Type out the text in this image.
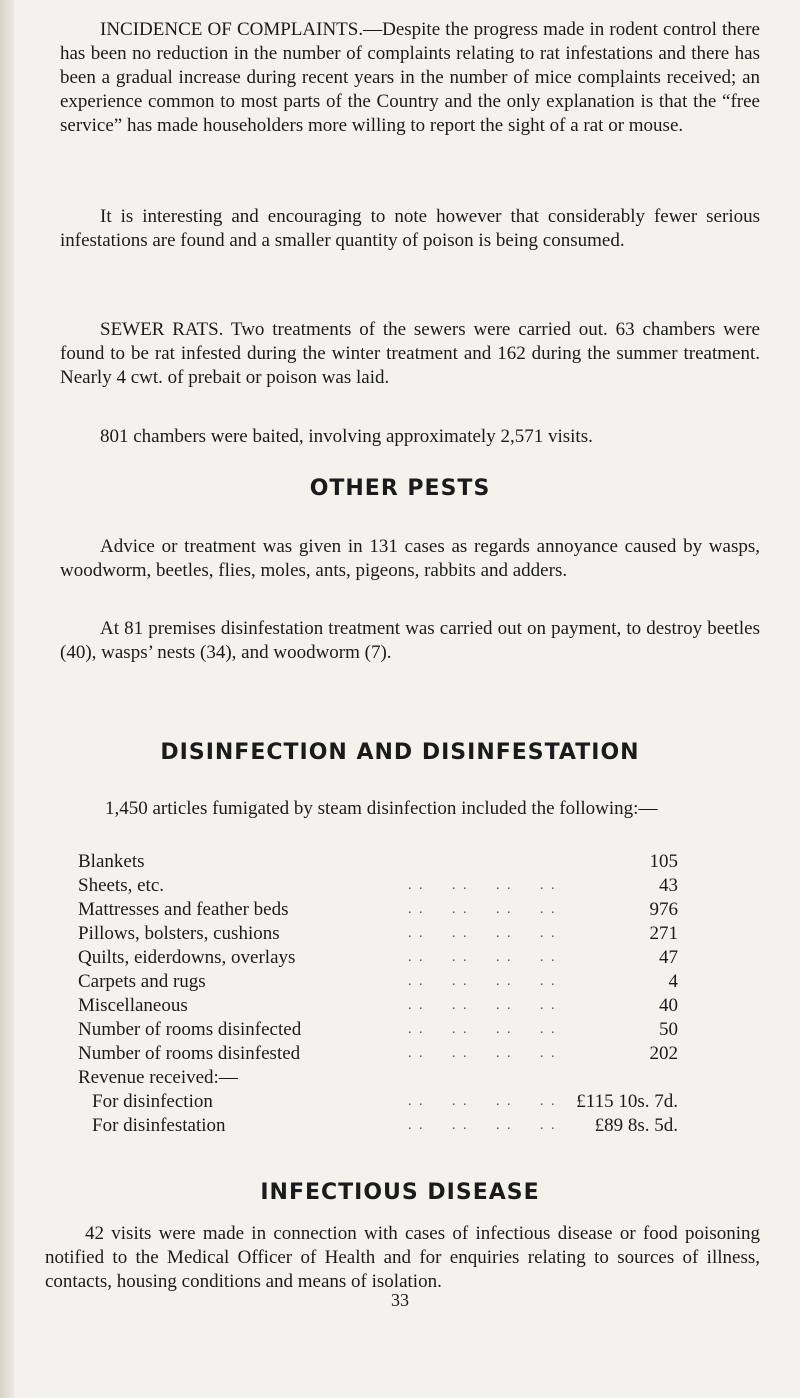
INCIDENCE OF COMPLAINTS.—Despite the progress made in rodent control there has been no reduction in the number of complaints relating to rat infestations and there has been a gradual increase during recent years in the number of mice complaints received; an experience common to most parts of the Country and the only explanation is that the “free service” has made householders more willing to report the sight of a rat or mouse.

It is interesting and encouraging to note however that considerably fewer serious infestations are found and a smaller quantity of poison is being consumed.

SEWER RATS. Two treatments of the sewers were carried out. 63 chambers were found to be rat infested during the winter treatment and 162 during the summer treatment. Nearly 4 cwt. of prebait or poison was laid.

801 chambers were baited, involving approximately 2,571 visits.

OTHER PESTS

Advice or treatment was given in 131 cases as regards annoyance caused by wasps, woodworm, beetles, flies, moles, ants, pigeons, rabbits and adders.

At 81 premises disinfestation treatment was carried out on payment, to destroy beetles (40), wasps’ nests (34), and woodworm (7).

DISINFECTION AND DISINFESTATION

1,450 articles fumigated by steam disinfection included the following:—

Blankets	105
Sheets, etc.	. .     . .     . .     . .	43
Mattresses and feather beds	. .     . .     . .     . .	976
Pillows, bolsters, cushions	. .     . .     . .     . .	271
Quilts, eiderdowns, overlays	. .     . .     . .     . .	47
Carpets and rugs	. .     . .     . .     . .	4
Miscellaneous	. .     . .     . .     . .	40
Number of rooms disinfected	. .     . .     . .     . .	50
Number of rooms disinfested	. .     . .     . .     . .	202
Revenue received:—
For disinfection	. .     . .     . .     . .	£115 10s. 7d.
For disinfestation	. .     . .     . .     . .	£89 8s. 5d.
INFECTIOUS DISEASE

42 visits were made in connection with cases of infectious disease or food poisoning notified to the Medical Officer of Health and for enquiries relating to sources of illness, contacts, housing conditions and means of isolation.

33
